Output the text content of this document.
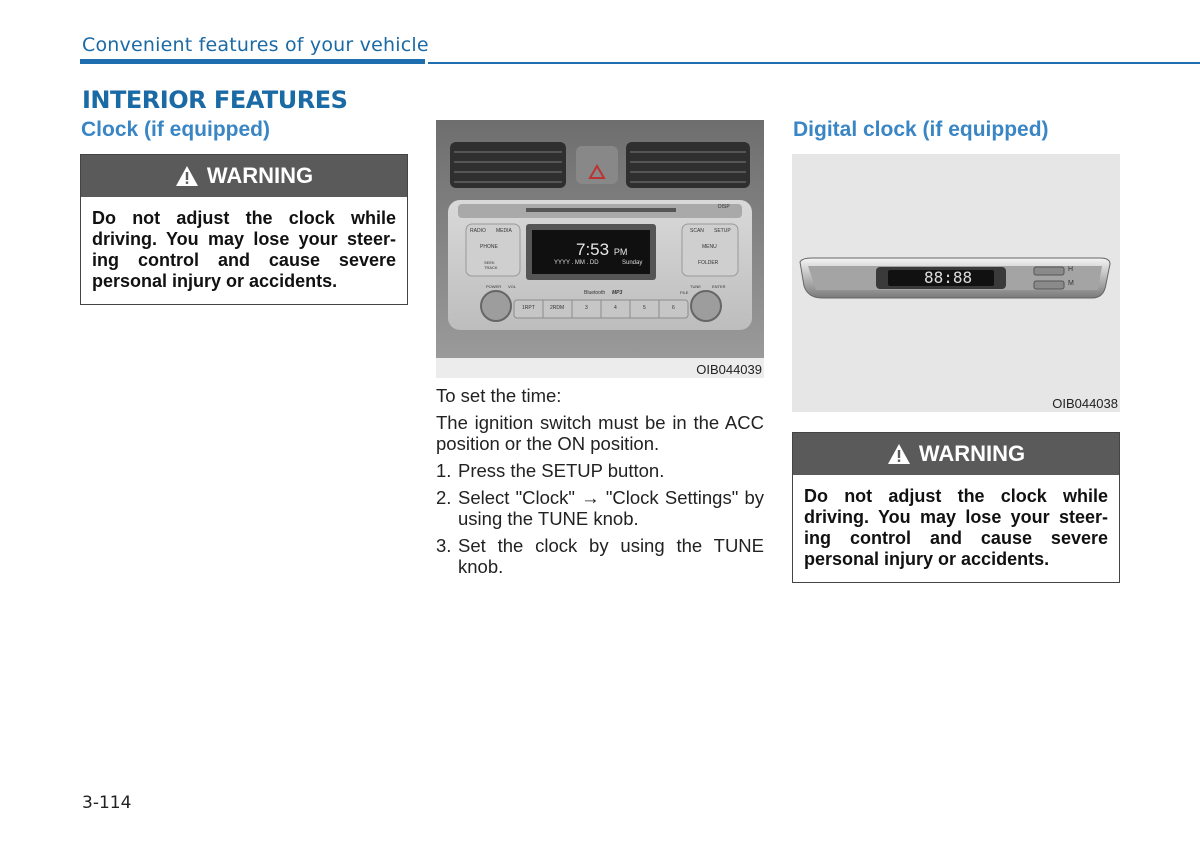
Convenient features of your vehicle
INTERIOR FEATURES
Clock (if equipped)
WARNING
Do not adjust the clock while driving. You may lose your steer-ing control and cause severe personal injury or accidents.
7:53 PM
YYYY . MM . DD	Sunday
RADIO MEDIA
PHONE
SEEK TRACK
SCAN SETUP
MENU
FOLDER
DISP
POWER VOL
Bluetooth MP3	FILE
TUNE	ENTER
1RPT	2RDM	3	4	5	6
OIB044039

To set the time:

The ignition switch must be in the ACC position or the ON position.

1. Press the SETUP button.
2. Select "Clock" → "Clock Settings" by using the TUNE knob.
3. Set the clock by using the TUNE knob.
Digital clock (if equipped)
88:88	H
M
OIB044038
WARNING
Do not adjust the clock while driving. You may lose your steer-ing control and cause severe personal injury or accidents.
3-114
